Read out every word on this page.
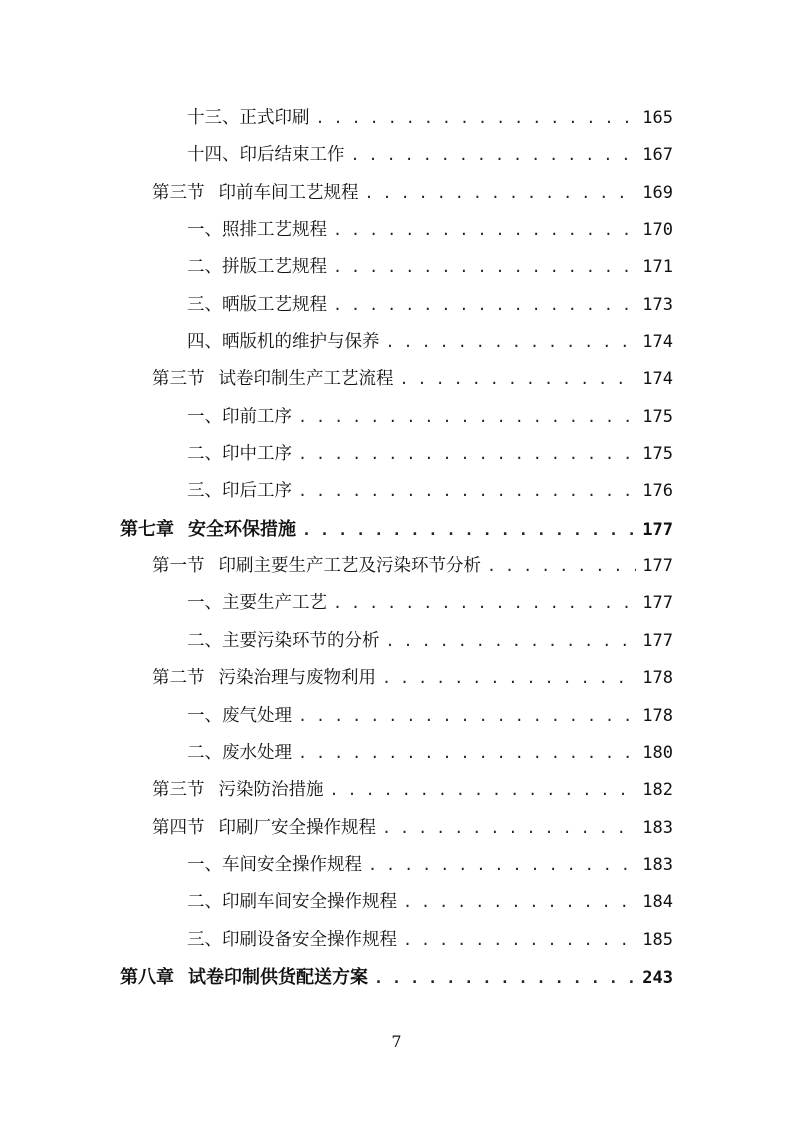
十三、正式印刷 . . .	165
十四、印后结束工作 . . .	167
第三节 印前车间工艺规程 . . .	169
一、照排工艺规程 . . .	170
二、拼版工艺规程 . . .	171
三、晒版工艺规程 . . .	173
四、晒版机的维护与保养 . . .	174
第三节 试卷印制生产工艺流程 . . .	174
一、印前工序 . . .	175
二、印中工序 . . .	175
三、印后工序 . . .	176
第七章 安全环保措施 . . .	177
第一节 印刷主要生产工艺及污染环节分析 . . .	177
一、主要生产工艺 . . .	177
二、主要污染环节的分析 . . .	177
第二节 污染治理与废物利用 . . .	178
一、废气处理 . . .	178
二、废水处理 . . .	180
第三节 污染防治措施 . . .	182
第四节 印刷厂安全操作规程 . . .	183
一、车间安全操作规程 . . .	183
二、印刷车间安全操作规程 . . .	184
三、印刷设备安全操作规程 . . .	185
第八章 试卷印制供货配送方案 . . .	243
7
